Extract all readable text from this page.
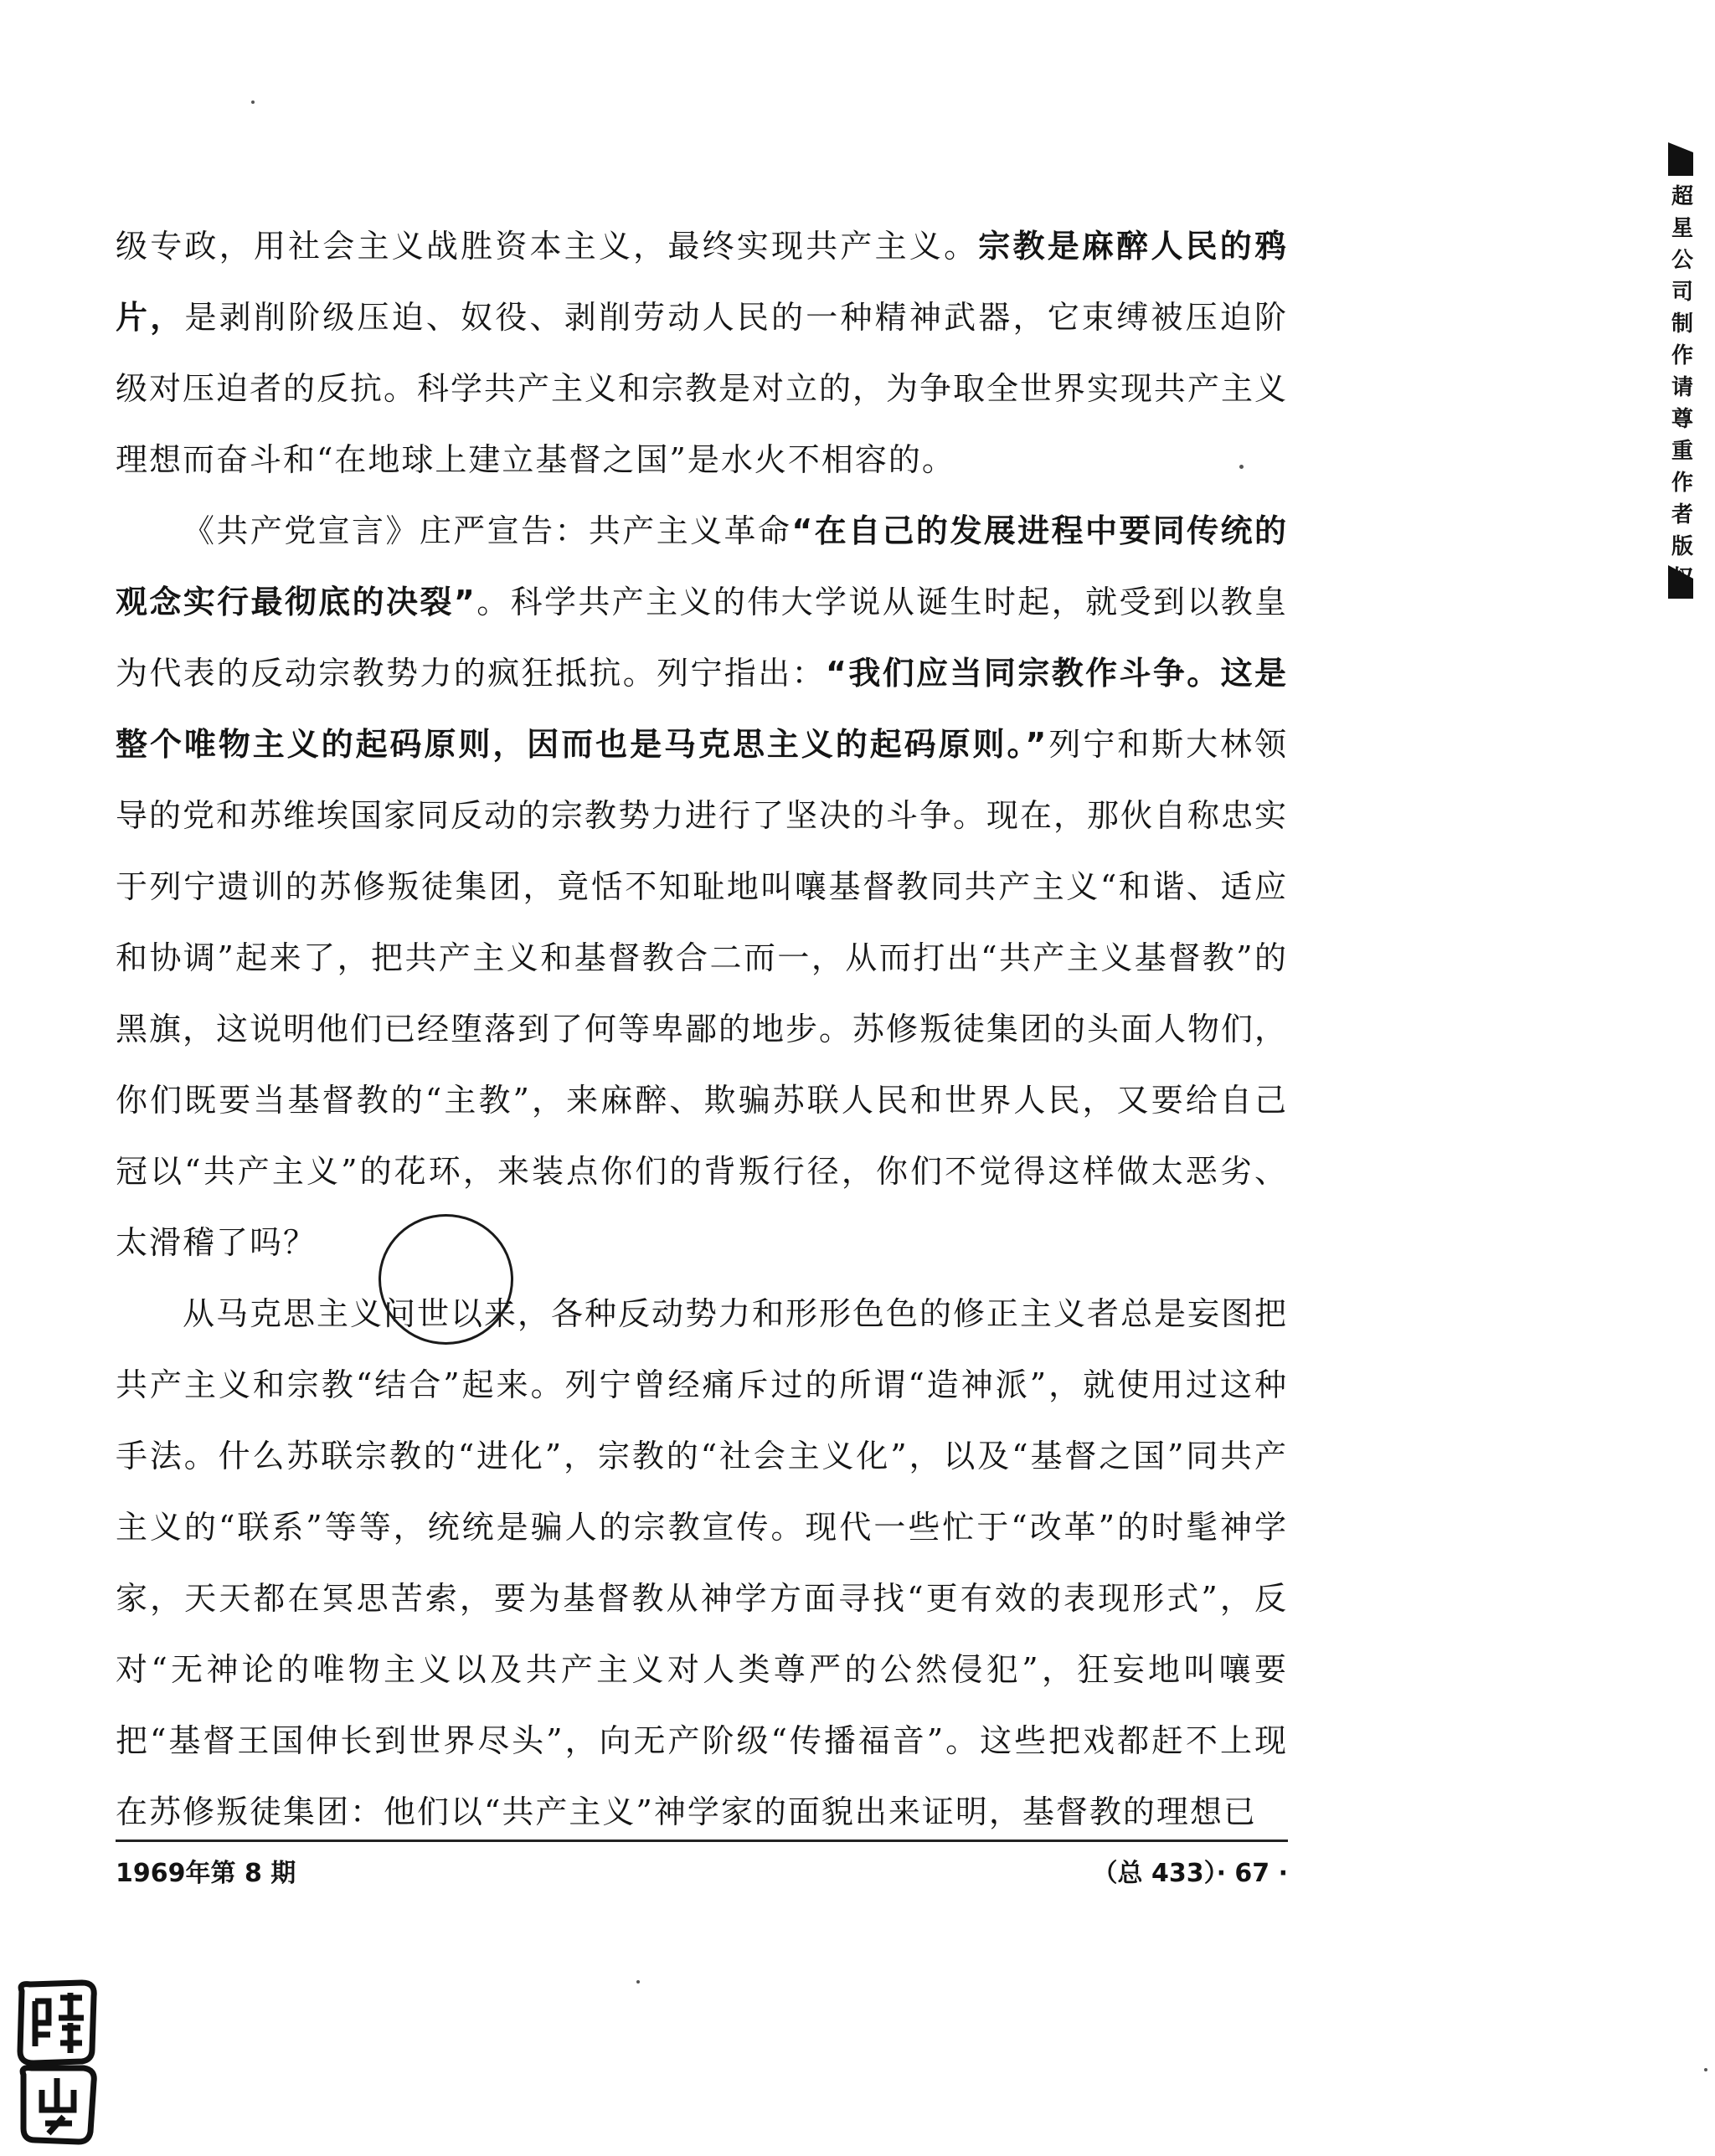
级专政，用社会主义战胜资本主义，最终实现共产主义。宗教是麻醉人民的鸦片，是剥削阶级压迫、奴役、剥削劳动人民的一种精神武器，它束缚被压迫阶级对压迫者的反抗。科学共产主义和宗教是对立的，为争取全世界实现共产主义理想而奋斗和“在地球上建立基督之国”是水火不相容的。

《共产党宣言》庄严宣告：共产主义革命“在自己的发展进程中要同传统的观念实行最彻底的决裂”。科学共产主义的伟大学说从诞生时起，就受到以教皇为代表的反动宗教势力的疯狂抵抗。列宁指出：“我们应当同宗教作斗争。这是整个唯物主义的起码原则，因而也是马克思主义的起码原则。”列宁和斯大林领导的党和苏维埃国家同反动的宗教势力进行了坚决的斗争。现在，那伙自称忠实于列宁遗训的苏修叛徒集团，竟恬不知耻地叫嚷基督教同共产主义“和谐、适应和协调”起来了，把共产主义和基督教合二而一，从而打出“共产主义基督教”的黑旗，这说明他们已经堕落到了何等卑鄙的地步。苏修叛徒集团的头面人物们，你们既要当基督教的“主教”，来麻醉、欺骗苏联人民和世界人民，又要给自己冠以“共产主义”的花环，来装点你们的背叛行径，你们不觉得这样做太恶劣、太滑稽了吗？

从马克思主义问世以来，各种反动势力和形形色色的修正主义者总是妄图把共产主义和宗教“结合”起来。列宁曾经痛斥过的所谓“造神派”，就使用过这种手法。什么苏联宗教的“进化”，宗教的“社会主义化”，以及“基督之国”同共产主义的“联系”等等，统统是骗人的宗教宣传。现代一些忙于“改革”的时髦神学家，天天都在冥思苦索，要为基督教从神学方面寻找“更有效的表现形式”，反对“无神论的唯物主义以及共产主义对人类尊严的公然侵犯”，狂妄地叫嚷要把“基督王国伸长到世界尽头”，向无产阶级“传播福音”。这些把戏都赶不上现在苏修叛徒集团：他们以“共产主义”神学家的面貌出来证明，基督教的理想已

1969年第 8 期	（总 433）· 67 ·
超星公司制作 请尊重作者版
